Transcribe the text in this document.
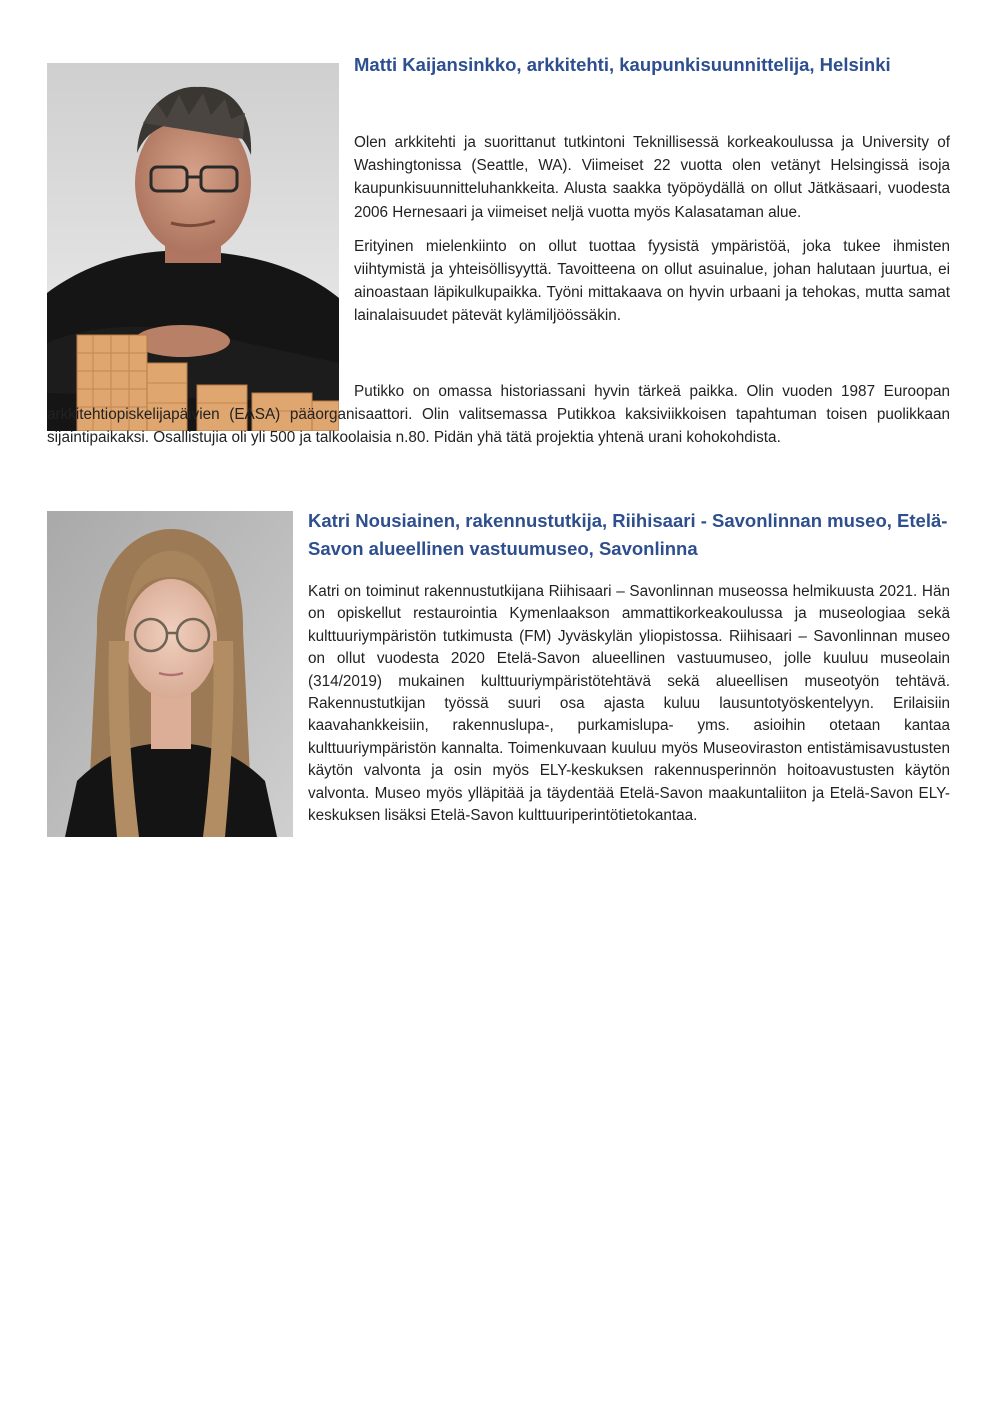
Matti Kaijansinkko, arkkitehti, kaupunkisuunnittelija, Helsinki

Olen arkkitehti ja suorittanut tutkintoni Teknillisessä korkeakoulussa ja University of Washingtonissa (Seattle, WA). Viimeiset 22 vuotta olen vetänyt Helsingissä isoja kaupunkisuunnitteluhankkeita. Alusta saakka työpöydällä on ollut Jätkäsaari, vuodesta 2006 Hernesaari ja viimeiset neljä vuotta myös Kalasataman alue.

Erityinen mielenkiinto on ollut tuottaa fyysistä ympäristöä, joka tukee ihmisten viihtymistä ja yhteisöllisyyttä. Tavoitteena on ollut asuinalue, johan halutaan juurtua, ei ainoastaan läpikulkupaikka. Työni mittakaava on hyvin urbaani ja tehokas, mutta samat lainalaisuudet pätevät kylämiljöössäkin.

Putikko on omassa historiassani hyvin tärkeä paikka. Olin vuoden 1987 Euroopan arkkitehtiopiskelijapäivien (EASA) pääorganisaattori. Olin valitsemassa Putikkoa kaksiviikkoisen tapahtuman toisen puolikkaan sijaintipaikaksi. Osallistujia oli yli 500 ja talkoolaisia n.80. Pidän yhä tätä projektia yhtenä urani kohokohdista.

Katri Nousiainen, rakennustutkija, Riihisaari - Savonlinnan museo, Etelä-Savon alueellinen vastuumuseo, Savonlinna

Katri on toiminut rakennustutkijana Riihisaari – Savonlinnan museossa helmikuusta 2021. Hän on opiskellut restaurointia Kymenlaakson ammattikorkeakoulussa ja museologiaa sekä kulttuuriympäristön tutkimusta (FM) Jyväskylän yliopistossa. Riihisaari – Savonlinnan museo on ollut vuodesta 2020 Etelä-Savon alueellinen vastuumuseo, jolle kuuluu museolain (314/2019) mukainen kulttuuriympäristötehtävä sekä alueellisen museotyön tehtävä. Rakennustutkijan työssä suuri osa ajasta kuluu lausuntotyöskentelyyn. Erilaisiin kaavahankkeisiin, rakennuslupa-, purkamislupa- yms. asioihin otetaan kantaa kulttuuriympäristön kannalta. Toimenkuvaan kuuluu myös Museoviraston entistämisavustusten käytön valvonta ja osin myös ELY-keskuksen rakennusperinnön hoitoavustusten käytön valvonta. Museo myös ylläpitää ja täydentää Etelä-Savon maakuntaliiton ja Etelä-Savon ELY-keskuksen lisäksi Etelä-Savon kulttuuriperintötietokantaa.
